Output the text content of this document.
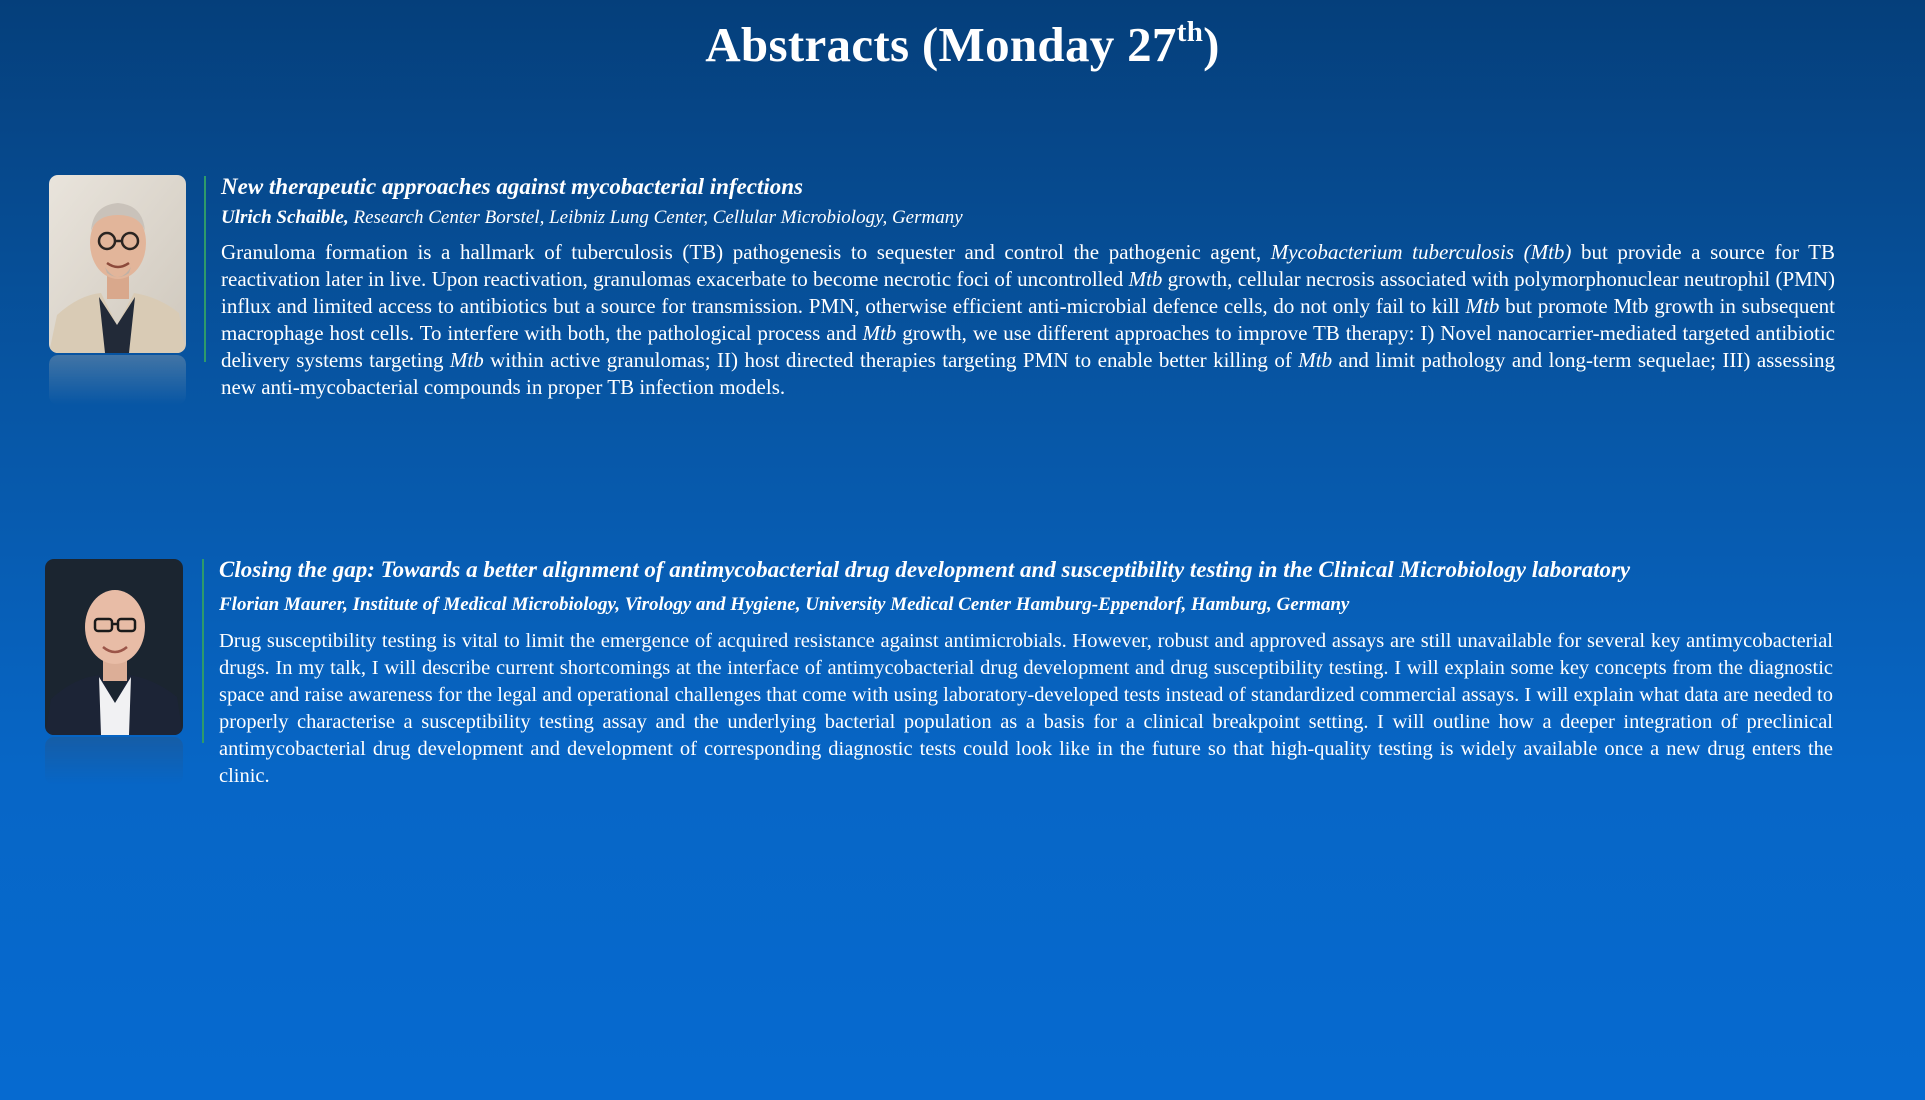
Abstracts (Monday 27th)
New therapeutic approaches against mycobacterial infections
Ulrich Schaible, Research Center Borstel, Leibniz Lung Center, Cellular Microbiology, Germany
Granuloma formation is a hallmark of tuberculosis (TB) pathogenesis to sequester and control the pathogenic agent, Mycobacterium tuberculosis (Mtb) but provide a source for TB reactivation later in live. Upon reactivation, granulomas exacerbate to become necrotic foci of uncontrolled Mtb growth, cellular necrosis associated with polymorphonuclear neutrophil (PMN) influx and limited access to antibiotics but a source for transmission. PMN, otherwise efficient anti-microbial defence cells, do not only fail to kill Mtb but promote Mtb growth in subsequent macrophage host cells. To interfere with both, the pathological process and Mtb growth, we use different approaches to improve TB therapy: I) Novel nanocarrier-mediated targeted antibiotic delivery systems targeting Mtb within active granulomas; II) host directed therapies targeting PMN to enable better killing of Mtb and limit pathology and long-term sequelae; III) assessing new anti-mycobacterial compounds in proper TB infection models.
Closing the gap: Towards a better alignment of antimycobacterial drug development and susceptibility testing in the Clinical Microbiology laboratory
Florian Maurer, Institute of Medical Microbiology, Virology and Hygiene, University Medical Center Hamburg-Eppendorf, Hamburg, Germany
Drug susceptibility testing is vital to limit the emergence of acquired resistance against antimicrobials. However, robust and approved assays are still unavailable for several key antimycobacterial drugs. In my talk, I will describe current shortcomings at the interface of antimycobacterial drug development and drug susceptibility testing. I will explain some key concepts from the diagnostic space and raise awareness for the legal and operational challenges that come with using laboratory-developed tests instead of standardized commercial assays. I will explain what data are needed to properly characterise a susceptibility testing assay and the underlying bacterial population as a basis for a clinical breakpoint setting. I will outline how a deeper integration of preclinical antimycobacterial drug development and development of corresponding diagnostic tests could look like in the future so that high-quality testing is widely available once a new drug enters the clinic.
